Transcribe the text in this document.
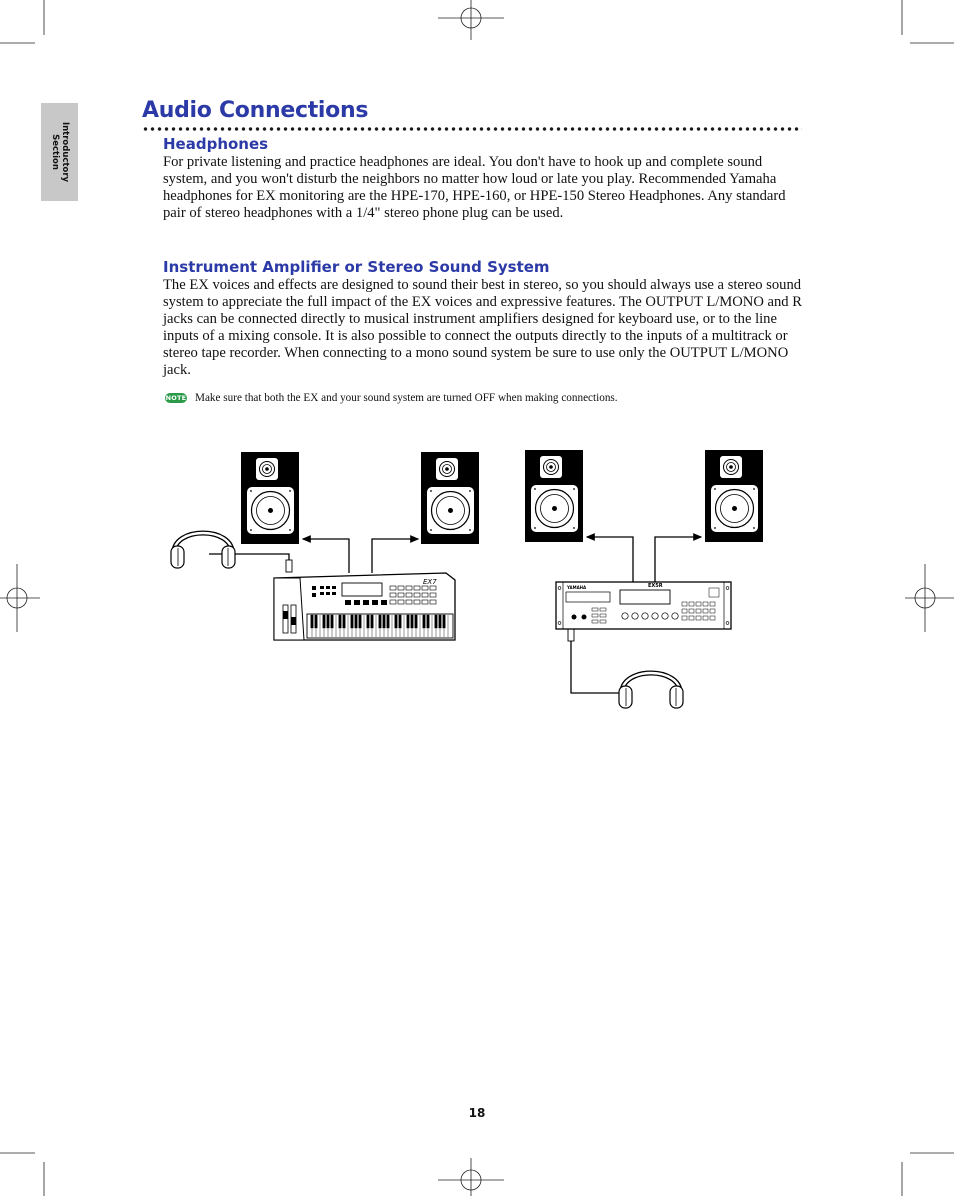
Introductory
Section
Audio Connections
Headphones

For private listening and practice headphones are ideal. You don't have to hook up and complete sound system, and you won't disturb the neighbors no matter how loud or late you play. Recommended Yamaha headphones for EX monitoring are the HPE-170, HPE-160, or HPE-150 Stereo Headphones. Any standard pair of stereo headphones with a 1/4" stereo phone plug can be used.

Instrument Amplifier or Stereo Sound System

The EX voices and effects are designed to sound their best in stereo, so you should always use a stereo sound system to appreciate the full impact of the EX voices and expressive features. The OUTPUT L/MONO and R jacks can be connected directly to musical instrument amplifiers designed for keyboard use, or to the line inputs of a mixing console. It is also possible to connect the outputs directly to the inputs of a multitrack or stereo tape recorder. When connecting to a mono sound system be sure to use only the OUTPUT L/MONO jack.

NOTE Make sure that both the EX and your sound system are turned OFF when making connections.
EX7
YAMAHA	EX5R
18
